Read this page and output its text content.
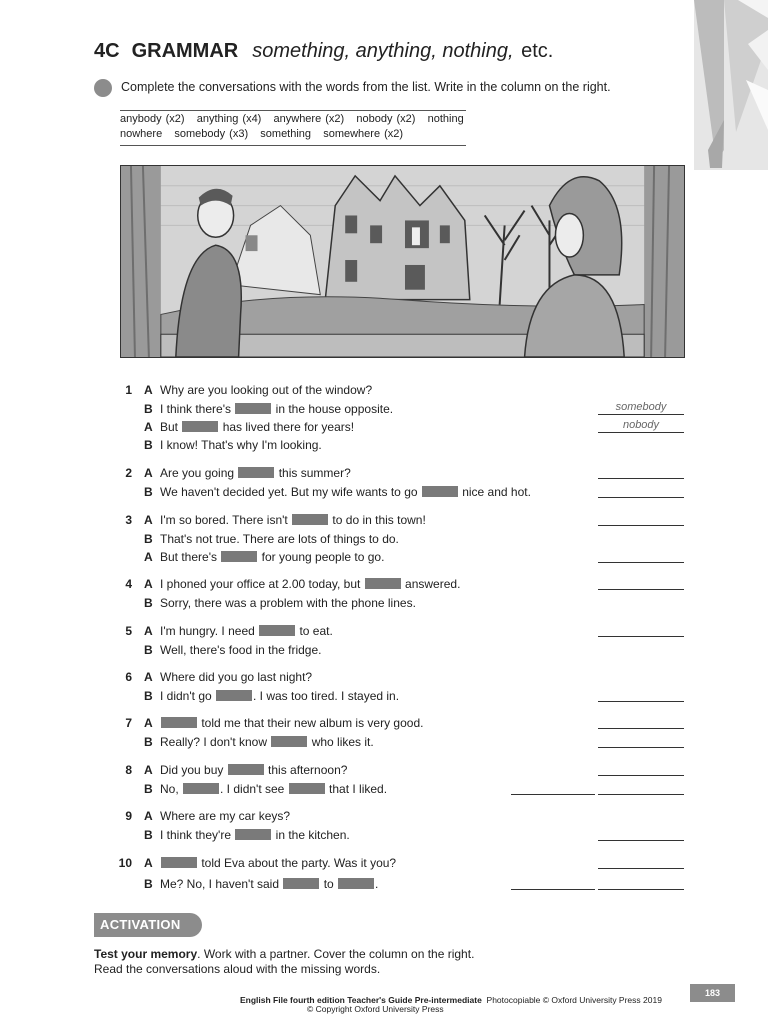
4C GRAMMAR something, anything, nothing, etc.
Complete the conversations with the words from the list. Write in the column on the right.
anybody (x2)   anything (x4)   anywhere (x2)   nobody (x2)   nothing
nowhere   somebody (x3)   something   somewhere (x2)
1 A Why are you looking out of the window?
B I think there's	in the house opposite.	somebody
A But	has lived there for years!	nobody
B I know! That's why I'm looking.
2 A Are you going	this summer?
B We haven't decided yet. But my wife wants to go	nice and hot.
3 A I'm so bored. There isn't	to do in this town!
B That's not true. There are lots of things to do.
A But there's	for young people to go.
4 A I phoned your office at 2.00 today, but	answered.
B Sorry, there was a problem with the phone lines.
5 A I'm hungry. I need	to eat.
B Well, there's food in the fridge.
6 A Where did you go last night?
B I didn't go	. I was too tired. I stayed in.
7 A	told me that their new album is very good.
B Really? I don't know	who likes it.
8 A Did you buy	this afternoon?
B No,	. I didn't see	that I liked.
9 A Where are my car keys?
B I think they're	in the kitchen.
10 A	told Eva about the party. Was it you?
B Me? No, I haven't said	to	.
ACTIVATION
Test your memory. Work with a partner. Cover the column on the right.
Read the conversations aloud with the missing words.
English File fourth edition Teacher's Guide Pre-intermediate Photocopiable © Oxford University Press 2019
© Copyright Oxford University Press
183
